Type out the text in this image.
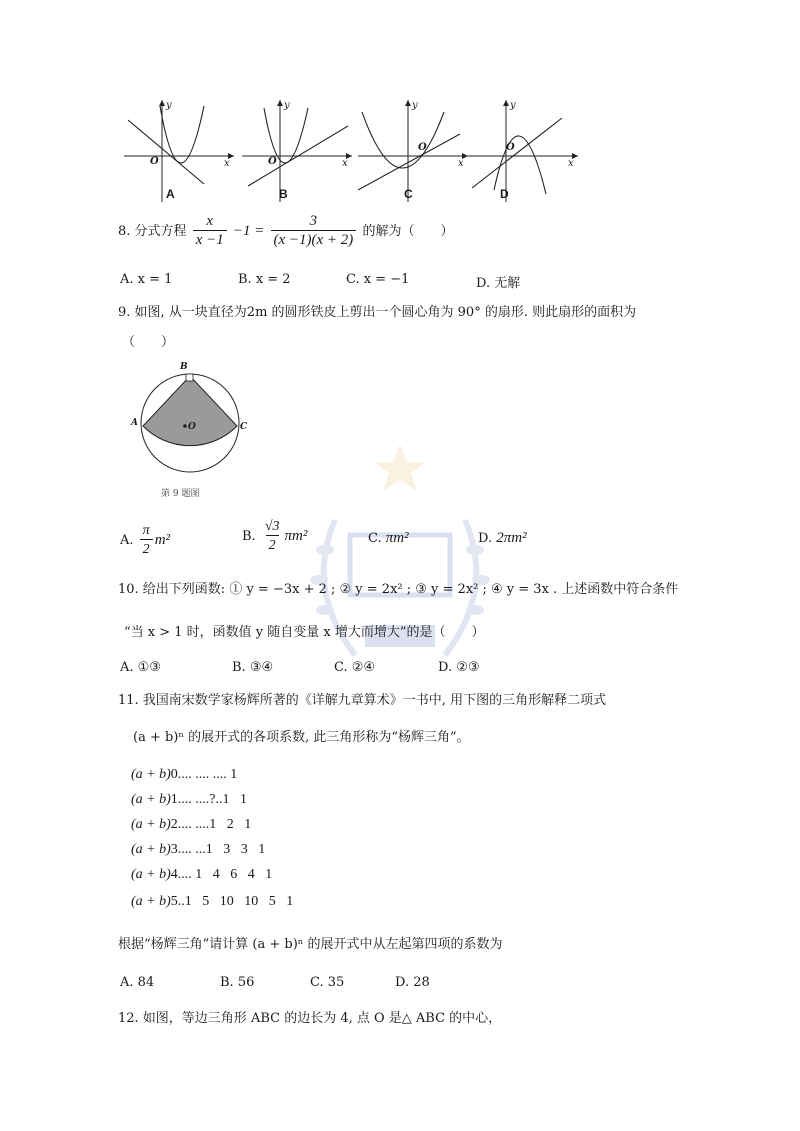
y
x
O
A
y
x
O
B
y
x
O
C
y
x
O
D
8. 分式方程 $\frac{x}{x -1} -1 = \frac{3}{(x -1)(x + 2)}$ 的解为（　　）
A. x = 1	B. x = 2	C. x = −1	D. 无解
9. 如图, 从一块直径为2m 的圆形铁皮上剪出一个圆心角为 90° 的扇形. 则此扇形的面积为
（　　）
B
A	C
O
第 9 题图
A. $\frac{\pi}{2} m^2$	B. $\frac{√3}{2} \pi m^2$	C. πm²	D. 2πm²
10. 给出下列函数: ① y = −3x + 2 ; ② y = 2x² ; ③ y = 2x² ; ④ y = 3x . 上述函数中符合条件
“当 x > 1 时，函数值 y 随自变量 x 增大而增大”的是（　　）
A. ①③	B. ③④	C. ②④	D. ②③
11. 我国南宋数学家杨辉所著的《详解九章算术》一书中, 用下图的三角形解释二项式
(a + b)ⁿ 的展开式的各项系数, 此三角形称为“杨辉三角”。
(a + b)0.... .... .... 1
(a + b)1.... ....?..1   1
(a + b)2.... ....1   2   1
(a + b)3.... ...1   3   3   1
(a + b)4.... 1   4   6   4   1
(a + b)5..1   5   10   10   5   1
根据“杨辉三角”请计算 (a + b)ⁿ 的展开式中从左起第四项的系数为
A. 84	B. 56	C. 35	D. 28
12. 如图，等边三角形 ABC 的边长为 4, 点 O 是△ ABC 的中心，
